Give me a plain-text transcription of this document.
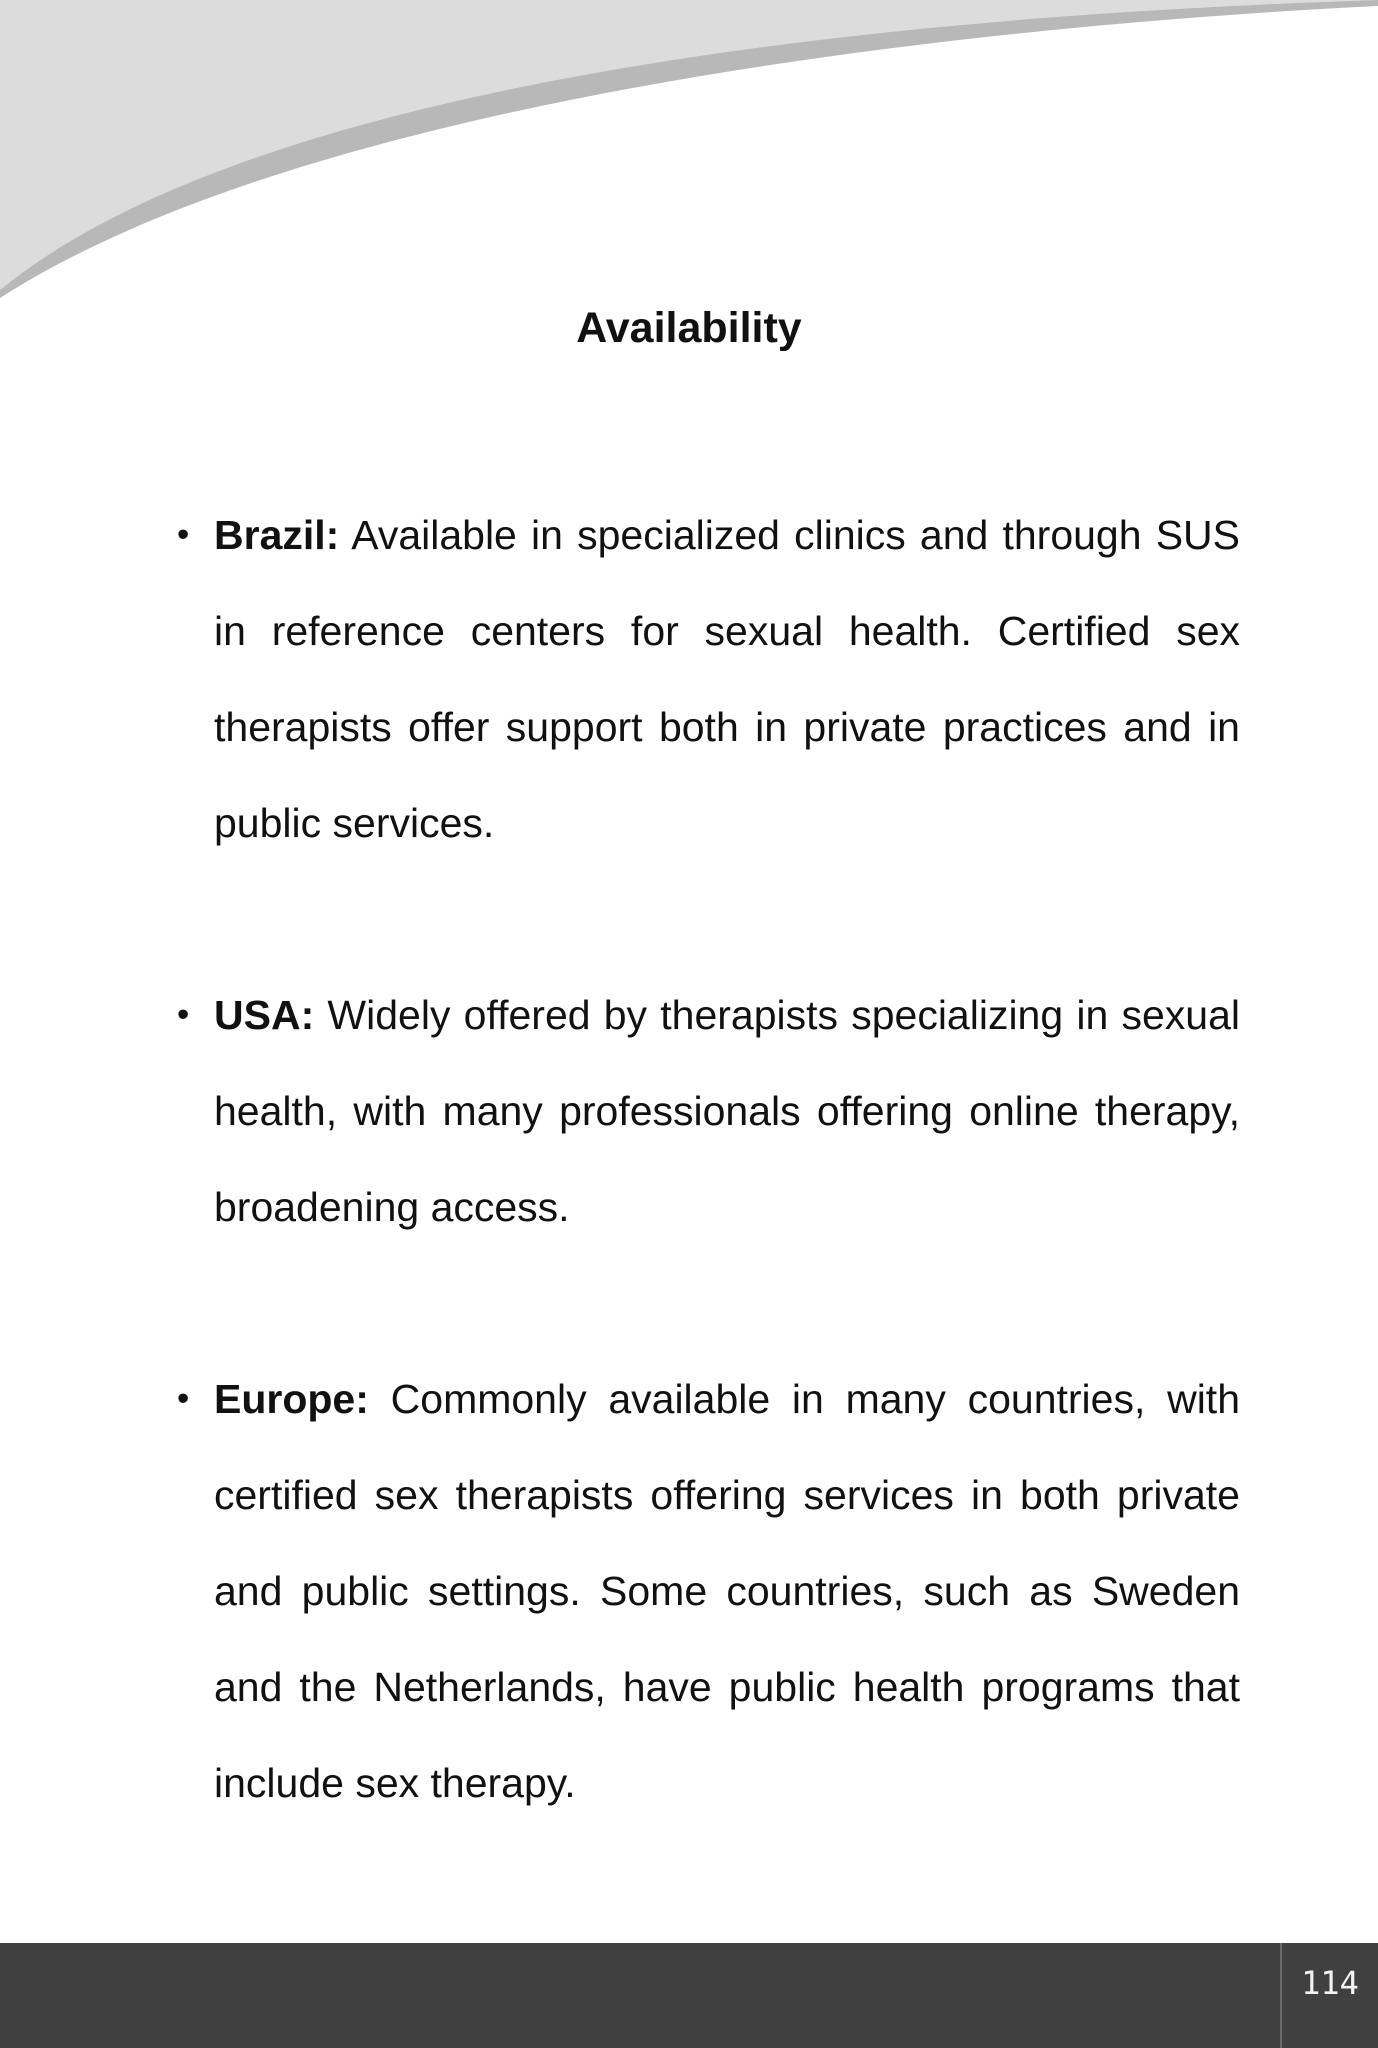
Availability
• Brazil: Available in specialized clinics and through SUS in reference centers for sexual health. Certified sex therapists offer support both in private practices and in public services.
• USA: Widely offered by therapists specializing in sexual health, with many professionals offering online therapy, broadening access.
• Europe: Commonly available in many countries, with certified sex therapists offering services in both private and public settings. Some countries, such as Sweden and the Netherlands, have public health programs that include sex therapy.
114
